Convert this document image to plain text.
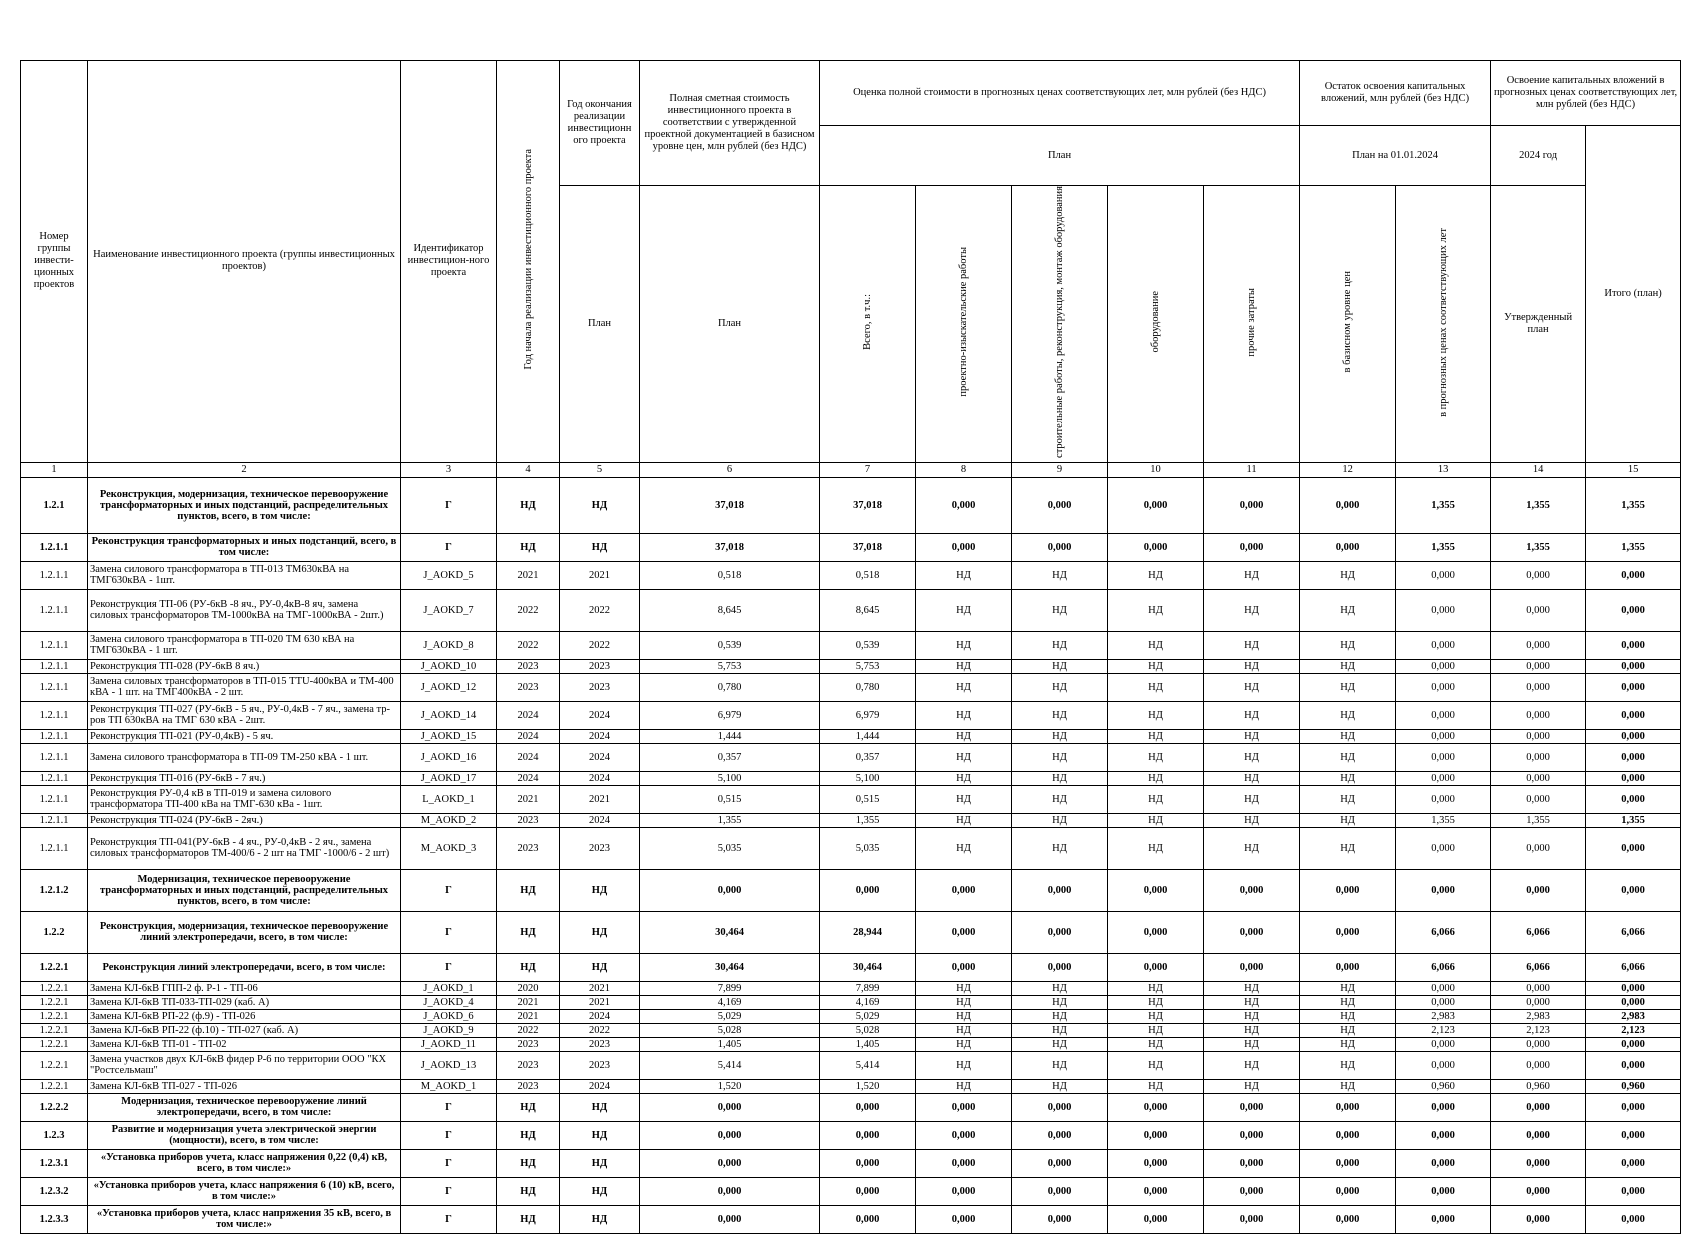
Номер группы инвести-ционных проектов	Наименование инвестиционного проекта (группы инвестиционных проектов)	Идентификатор инвестицион-ного проекта	Год начала реализации инвестиционного проекта	Год окончания реализации инвестиционн ого проекта	Полная сметная стоимость инвестиционного проекта в соответствии с утвержденной проектной документацией в базисном уровне цен, млн рублей (без НДС)	Оценка полной стоимости в прогнозных ценах соответствующих лет, млн рублей (без НДС)					Остаток освоения капитальных вложений, млн рублей (без НДС)		Освоение капитальных вложений в прогнозных ценах соответствующих лет, млн рублей (без НДС)	
						План					План на 01.01.2024		2024 год	Итого (план)
				План	План	Всего, в т.ч.:	проектно-изыскательские работы	строительные работы, реконструкция, монтаж оборудования	оборудование	прочие затраты	в базисном уровне цен	в прогнозных ценах соответствующих лет	Утвержденный план	
1	2	3	4	5	6	7	8	9	10	11	12	13	14	15
1.2.1	Реконструкция, модернизация, техническое перевооружение трансформаторных и иных подстанций, распределительных пунктов, всего, в том числе:	Г	НД	НД	37,018	37,018	0,000	0,000	0,000	0,000	0,000	1,355	1,355	1,355
1.2.1.1	Реконструкция трансформаторных и иных подстанций, всего, в том числе:	Г	НД	НД	37,018	37,018	0,000	0,000	0,000	0,000	0,000	1,355	1,355	1,355
1.2.1.1	Замена силового трансформатора в ТП-013 ТМ630кВА на ТМГ630кВА - 1шт.	J_AOKD_5	2021	2021	0,518	0,518	НД	НД	НД	НД	НД	0,000	0,000	0,000
1.2.1.1	Реконструкция ТП-06 (РУ-6кВ -8 яч., РУ-0,4кВ-8 яч, замена силовых трансформаторов ТМ-1000кВА на ТМГ-1000кВА - 2шт.)	J_AOKD_7	2022	2022	8,645	8,645	НД	НД	НД	НД	НД	0,000	0,000	0,000
1.2.1.1	Замена силового трансформатора в ТП-020 ТМ 630 кВА на ТМГ630кВА - 1 шт.	J_AOKD_8	2022	2022	0,539	0,539	НД	НД	НД	НД	НД	0,000	0,000	0,000
1.2.1.1	Реконструкция ТП-028 (РУ-6кВ 8 яч.)	J_AOKD_10	2023	2023	5,753	5,753	НД	НД	НД	НД	НД	0,000	0,000	0,000
1.2.1.1	Замена силовых трансформаторов в ТП-015 ТТU-400кВА и ТМ-400 кВА - 1 шт. на ТМГ400кВА - 2 шт.	J_AOKD_12	2023	2023	0,780	0,780	НД	НД	НД	НД	НД	0,000	0,000	0,000
1.2.1.1	Реконструкция ТП-027 (РУ-6кВ - 5 яч., РУ-0,4кВ - 7 яч., замена тр-ров ТП 630кВА на ТМГ 630 кВА - 2шт.	J_AOKD_14	2024	2024	6,979	6,979	НД	НД	НД	НД	НД	0,000	0,000	0,000
1.2.1.1	Реконструкция ТП-021 (РУ-0,4кВ) - 5 яч.	J_AOKD_15	2024	2024	1,444	1,444	НД	НД	НД	НД	НД	0,000	0,000	0,000
1.2.1.1	Замена силового трансформатора в ТП-09 ТМ-250 кВА - 1 шт.	J_AOKD_16	2024	2024	0,357	0,357	НД	НД	НД	НД	НД	0,000	0,000	0,000
1.2.1.1	Реконструкция ТП-016 (РУ-6кВ - 7 яч.)	J_AOKD_17	2024	2024	5,100	5,100	НД	НД	НД	НД	НД	0,000	0,000	0,000
1.2.1.1	Реконструкция РУ-0,4 кВ в ТП-019 и замена силового трансформатора ТП-400 кВа на ТМГ-630 кВа - 1шт.	L_AOKD_1	2021	2021	0,515	0,515	НД	НД	НД	НД	НД	0,000	0,000	0,000
1.2.1.1	Реконструкция ТП-024 (РУ-6кВ - 2яч.)	M_AOKD_2	2023	2024	1,355	1,355	НД	НД	НД	НД	НД	1,355	1,355	1,355
1.2.1.1	Реконструкция ТП-041(РУ-6кВ - 4 яч., РУ-0,4кВ - 2 яч., замена силовых трансформаторов ТМ-400/6 - 2 шт на ТМГ -1000/6 - 2 шт)	M_AOKD_3	2023	2023	5,035	5,035	НД	НД	НД	НД	НД	0,000	0,000	0,000
1.2.1.2	Модернизация, техническое перевооружение трансформаторных и иных подстанций, распределительных пунктов, всего, в том числе:	Г	НД	НД	0,000	0,000	0,000	0,000	0,000	0,000	0,000	0,000	0,000	0,000
1.2.2	Реконструкция, модернизация, техническое перевооружение линий электропередачи, всего, в том числе:	Г	НД	НД	30,464	28,944	0,000	0,000	0,000	0,000	0,000	6,066	6,066	6,066
1.2.2.1	Реконструкция линий электропередачи, всего, в том числе:	Г	НД	НД	30,464	30,464	0,000	0,000	0,000	0,000	0,000	6,066	6,066	6,066
1.2.2.1	Замена КЛ-6кВ ГПП-2 ф. Р-1 - ТП-06	J_AOKD_1	2020	2021	7,899	7,899	НД	НД	НД	НД	НД	0,000	0,000	0,000
1.2.2.1	Замена КЛ-6кВ ТП-033-ТП-029 (каб. А)	J_AOKD_4	2021	2021	4,169	4,169	НД	НД	НД	НД	НД	0,000	0,000	0,000
1.2.2.1	Замена КЛ-6кВ РП-22 (ф.9) - ТП-026	J_AOKD_6	2021	2024	5,029	5,029	НД	НД	НД	НД	НД	2,983	2,983	2,983
1.2.2.1	Замена КЛ-6кВ РП-22 (ф.10) - ТП-027 (каб. А)	J_AOKD_9	2022	2022	5,028	5,028	НД	НД	НД	НД	НД	2,123	2,123	2,123
1.2.2.1	Замена КЛ-6кВ ТП-01 - ТП-02	J_AOKD_11	2023	2023	1,405	1,405	НД	НД	НД	НД	НД	0,000	0,000	0,000
1.2.2.1	Замена участков двух КЛ-6кВ фидер Р-6 по территории ООО "КХ "Ростсельмаш"	J_AOKD_13	2023	2023	5,414	5,414	НД	НД	НД	НД	НД	0,000	0,000	0,000
1.2.2.1	Замена КЛ-6кВ ТП-027 - ТП-026	M_AOKD_1	2023	2024	1,520	1,520	НД	НД	НД	НД	НД	0,960	0,960	0,960
1.2.2.2	Модернизация, техническое перевооружение линий электропередачи, всего, в том числе:	Г	НД	НД	0,000	0,000	0,000	0,000	0,000	0,000	0,000	0,000	0,000	0,000
1.2.3	Развитие и модернизация учета электрической энергии (мощности), всего, в том числе:	Г	НД	НД	0,000	0,000	0,000	0,000	0,000	0,000	0,000	0,000	0,000	0,000
1.2.3.1	«Установка приборов учета, класс напряжения 0,22 (0,4) кВ, всего, в том числе:»	Г	НД	НД	0,000	0,000	0,000	0,000	0,000	0,000	0,000	0,000	0,000	0,000
1.2.3.2	«Установка приборов учета, класс напряжения 6 (10) кВ, всего, в том числе:»	Г	НД	НД	0,000	0,000	0,000	0,000	0,000	0,000	0,000	0,000	0,000	0,000
1.2.3.3	«Установка приборов учета, класс напряжения 35 кВ, всего, в том числе:»	Г	НД	НД	0,000	0,000	0,000	0,000	0,000	0,000	0,000	0,000	0,000	0,000
